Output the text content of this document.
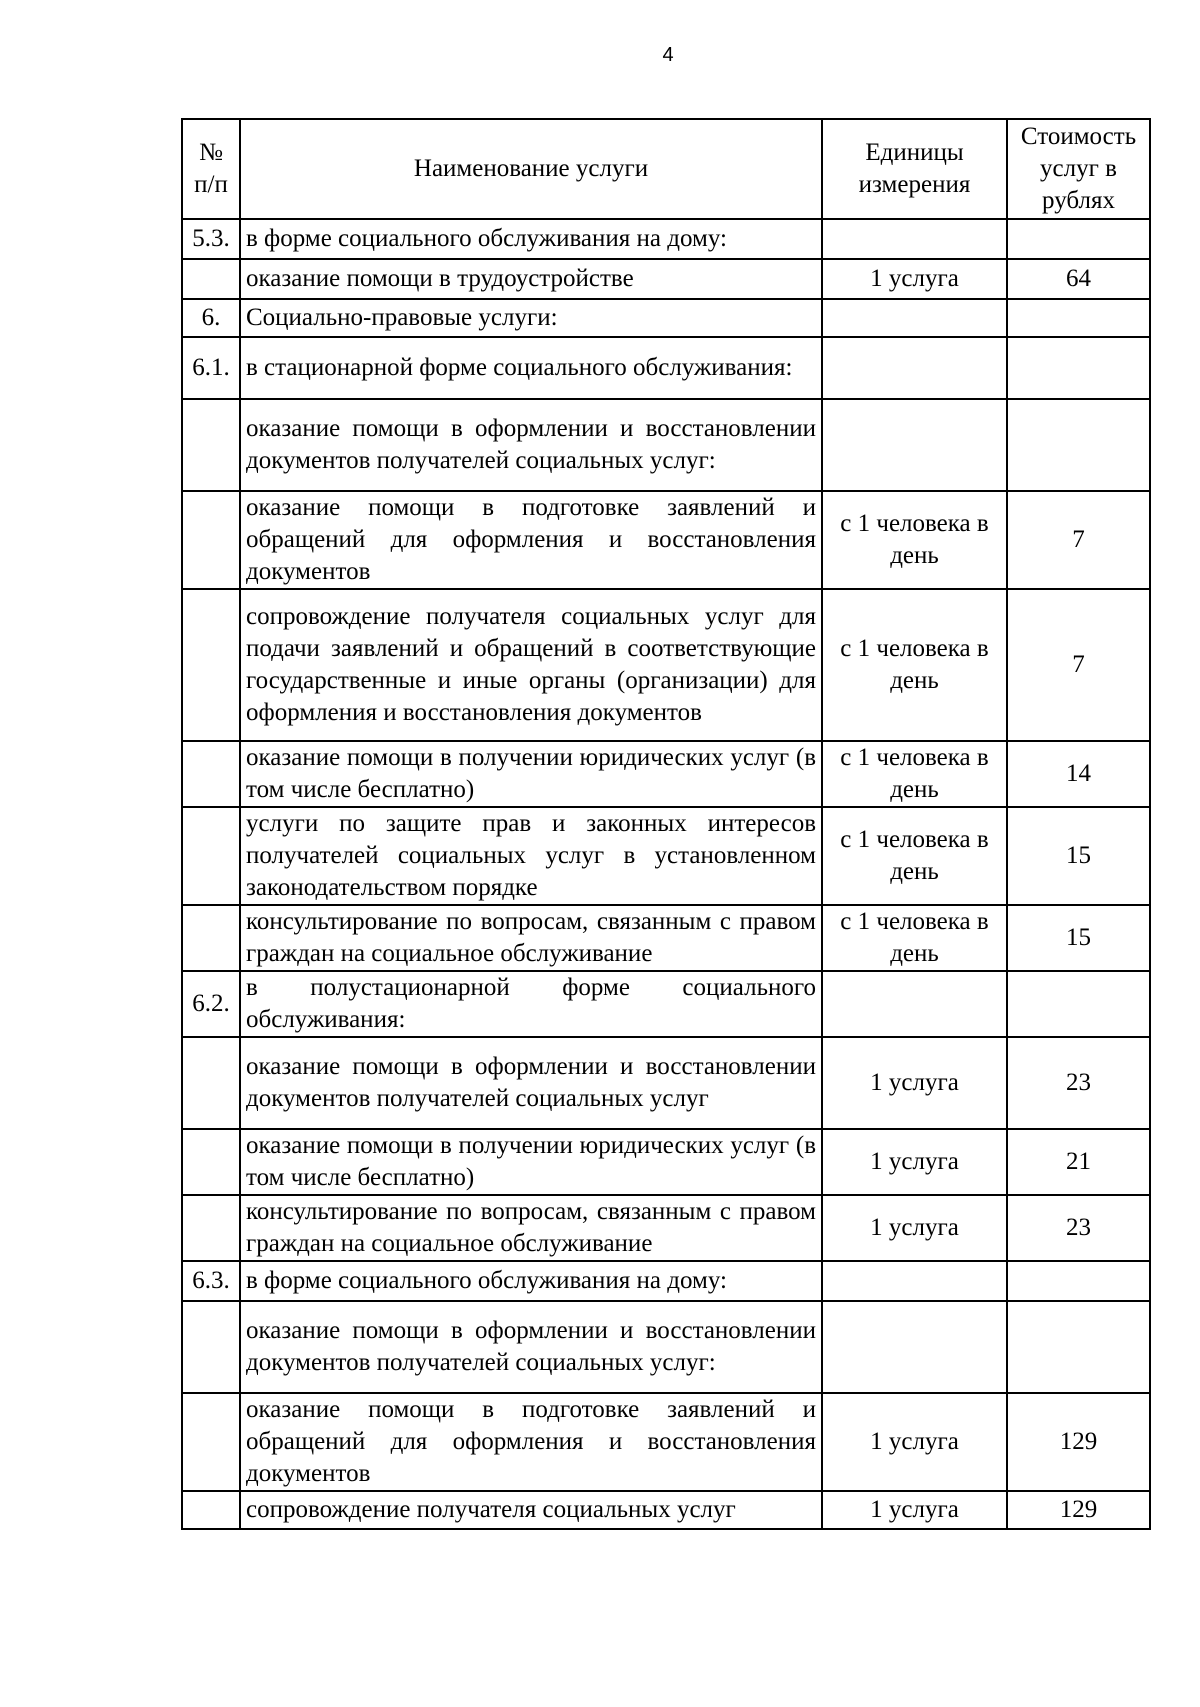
4
№ п/п	Наименование услуги	Единицы измерения	Стоимость услуг в рублях
5.3.	в форме социального обслуживания на дому:		
	оказание помощи в трудоустройстве	1 услуга	64
6.	Социально-правовые услуги:		
6.1.	в стационарной форме социального обслуживания:		
	оказание помощи в оформлении и восстановлении документов получателей социальных услуг:		
	оказание помощи в подготовке заявлений и обращений для оформления и восстановления документов	с 1 человека в день	7
	сопровождение получателя социальных услуг для подачи заявлений и обращений в соответствующие государственные и иные органы (организации) для оформления и восстановления документов	с 1 человека в день	7
	оказание помощи в получении юридических услуг (в том числе бесплатно)	с 1 человека в день	14
	услуги по защите прав и законных интересов получателей социальных услуг в установленном законодательством порядке	с 1 человека в день	15
	консультирование по вопросам, связанным с правом граждан на социальное обслуживание	с 1 человека в день	15
6.2.	в полустационарной форме социального обслуживания:		
	оказание помощи в оформлении и восстановлении документов получателей социальных услуг	1 услуга	23
	оказание помощи в получении юридических услуг (в том числе бесплатно)	1 услуга	21
	консультирование по вопросам, связанным с правом граждан на социальное обслуживание	1 услуга	23
6.3.	в форме социального обслуживания на дому:		
	оказание помощи в оформлении и восстановлении документов получателей социальных услуг:		
	оказание помощи в подготовке заявлений и обращений для оформления и восстановления документов	1 услуга	129
	сопровождение получателя социальных услуг	1 услуга	129
